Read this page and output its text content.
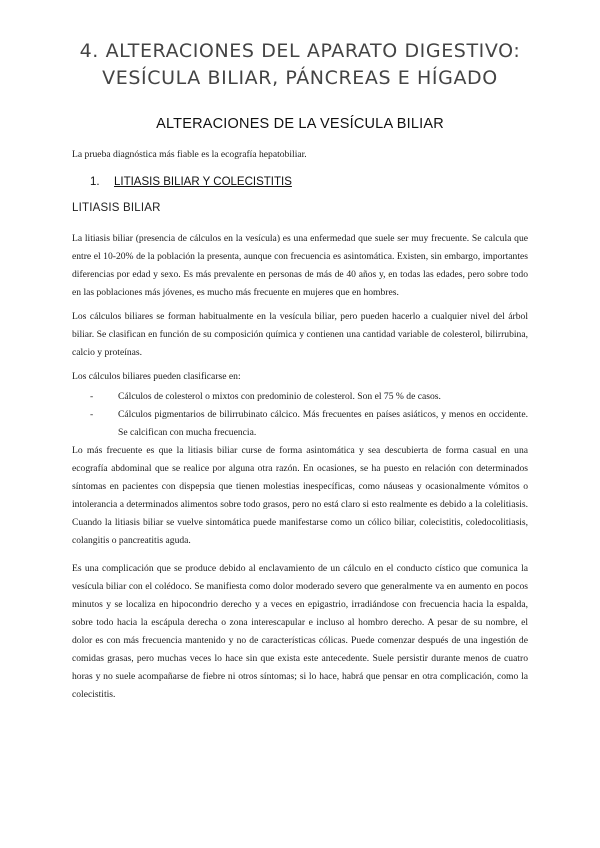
4. ALTERACIONES DEL APARATO DIGESTIVO:
VESÍCULA BILIAR, PÁNCREAS E HÍGADO
ALTERACIONES DE LA VESÍCULA BILIAR

La prueba diagnóstica más fiable es la ecografía hepatobiliar.

1. LITIASIS BILIAR Y COLECISTITIS
LITIASIS BILIAR

La litiasis biliar (presencia de cálculos en la vesícula) es una enfermedad que suele ser muy frecuente. Se calcula que entre el 10-20% de la población la presenta, aunque con frecuencia es asintomática. Existen, sin embargo, importantes diferencias por edad y sexo. Es más prevalente en personas de más de 40 años y, en todas las edades, pero sobre todo en las poblaciones más jóvenes, es mucho más frecuente en mujeres que en hombres.

Los cálculos biliares se forman habitualmente en la vesícula biliar, pero pueden hacerlo a cualquier nivel del árbol biliar. Se clasifican en función de su composición química y contienen una cantidad variable de colesterol, bilirrubina, calcio y proteínas.

Los cálculos biliares pueden clasificarse en:

-	Cálculos de colesterol o mixtos con predominio de colesterol. Son el 75 % de casos.
-	Cálculos pigmentarios de bilirrubinato cálcico. Más frecuentes en países asiáticos, y menos en occidente. Se calcifican con mucha frecuencia.

Lo más frecuente es que la litiasis biliar curse de forma asintomática y sea descubierta de forma casual en una ecografía abdominal que se realice por alguna otra razón. En ocasiones, se ha puesto en relación con determinados síntomas en pacientes con dispepsia que tienen molestias inespecíficas, como náuseas y ocasionalmente vómitos o intolerancia a determinados alimentos sobre todo grasos, pero no está claro si esto realmente es debido a la colelitiasis. Cuando la litiasis biliar se vuelve sintomática puede manifestarse como un cólico biliar, colecistitis, coledocolitiasis, colangitis o pancreatitis aguda.

Es una complicación que se produce debido al enclavamiento de un cálculo en el conducto cístico que comunica la vesícula biliar con el colédoco. Se manifiesta como dolor moderado severo que generalmente va en aumento en pocos minutos y se localiza en hipocondrio derecho y a veces en epigastrio, irradiándose con frecuencia hacia la espalda, sobre todo hacia la escápula derecha o zona interescapular e incluso al hombro derecho. A pesar de su nombre, el dolor es con más frecuencia mantenido y no de características cólicas. Puede comenzar después de una ingestión de comidas grasas, pero muchas veces lo hace sin que exista este antecedente. Suele persistir durante menos de cuatro horas y no suele acompañarse de fiebre ni otros síntomas; si lo hace, habrá que pensar en otra complicación, como la colecistitis.
